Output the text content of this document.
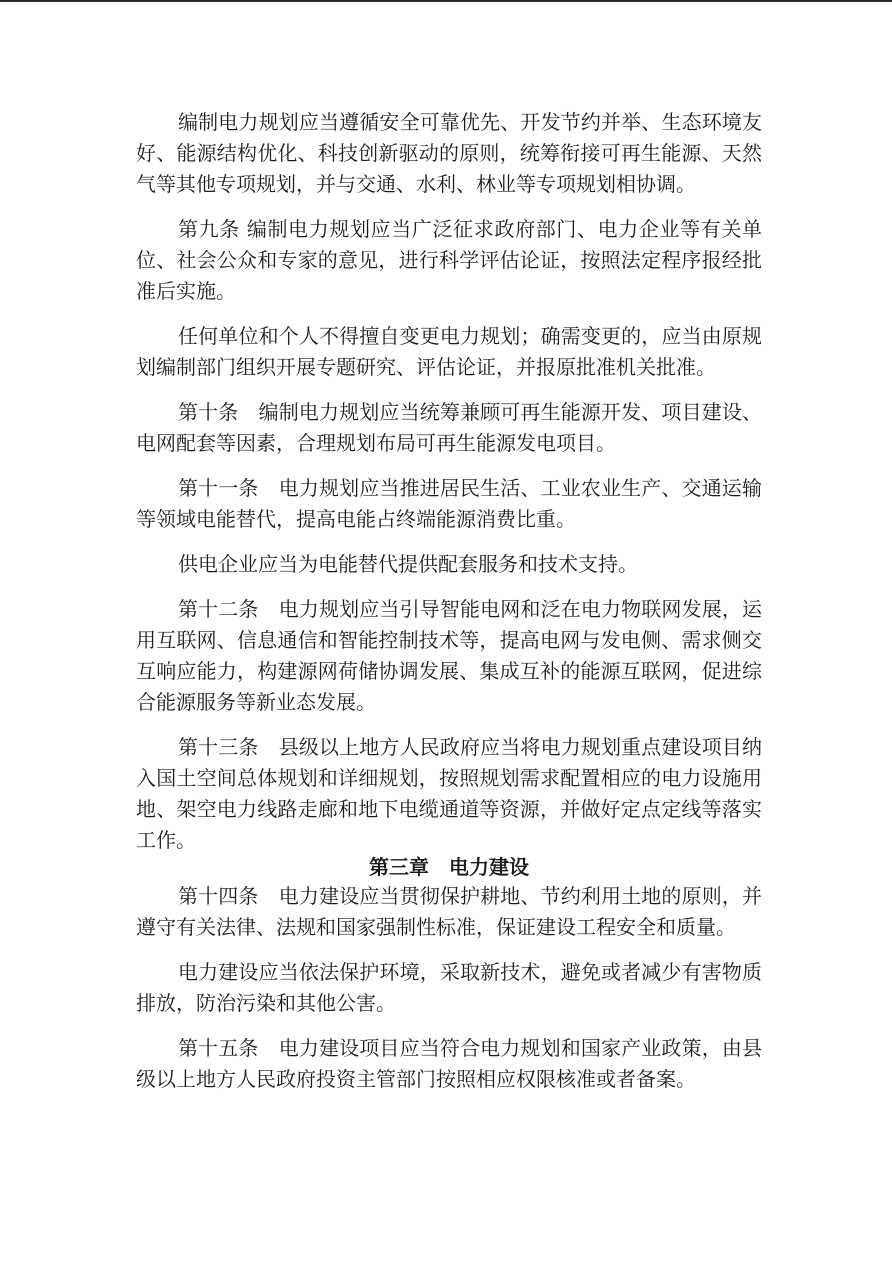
编制电力规划应当遵循安全可靠优先、开发节约并举、生态环境友好、能源结构优化、科技创新驱动的原则，统筹衔接可再生能源、天然气等其他专项规划，并与交通、水利、林业等专项规划相协调。

第九条 编制电力规划应当广泛征求政府部门、电力企业等有关单位、社会公众和专家的意见，进行科学评估论证，按照法定程序报经批准后实施。

任何单位和个人不得擅自变更电力规划；确需变更的，应当由原规划编制部门组织开展专题研究、评估论证，并报原批准机关批准。

第十条　编制电力规划应当统筹兼顾可再生能源开发、项目建设、电网配套等因素，合理规划布局可再生能源发电项目。

第十一条　电力规划应当推进居民生活、工业农业生产、交通运输等领域电能替代，提高电能占终端能源消费比重。

供电企业应当为电能替代提供配套服务和技术支持。

第十二条　电力规划应当引导智能电网和泛在电力物联网发展，运用互联网、信息通信和智能控制技术等，提高电网与发电侧、需求侧交互响应能力，构建源网荷储协调发展、集成互补的能源互联网，促进综合能源服务等新业态发展。

第十三条　县级以上地方人民政府应当将电力规划重点建设项目纳入国土空间总体规划和详细规划，按照规划需求配置相应的电力设施用地、架空电力线路走廊和地下电缆通道等资源，并做好定点定线等落实工作。

第三章　电力建设

第十四条　电力建设应当贯彻保护耕地、节约利用土地的原则，并遵守有关法律、法规和国家强制性标准，保证建设工程安全和质量。

电力建设应当依法保护环境，采取新技术，避免或者减少有害物质排放，防治污染和其他公害。

第十五条　电力建设项目应当符合电力规划和国家产业政策，由县级以上地方人民政府投资主管部门按照相应权限核准或者备案。
